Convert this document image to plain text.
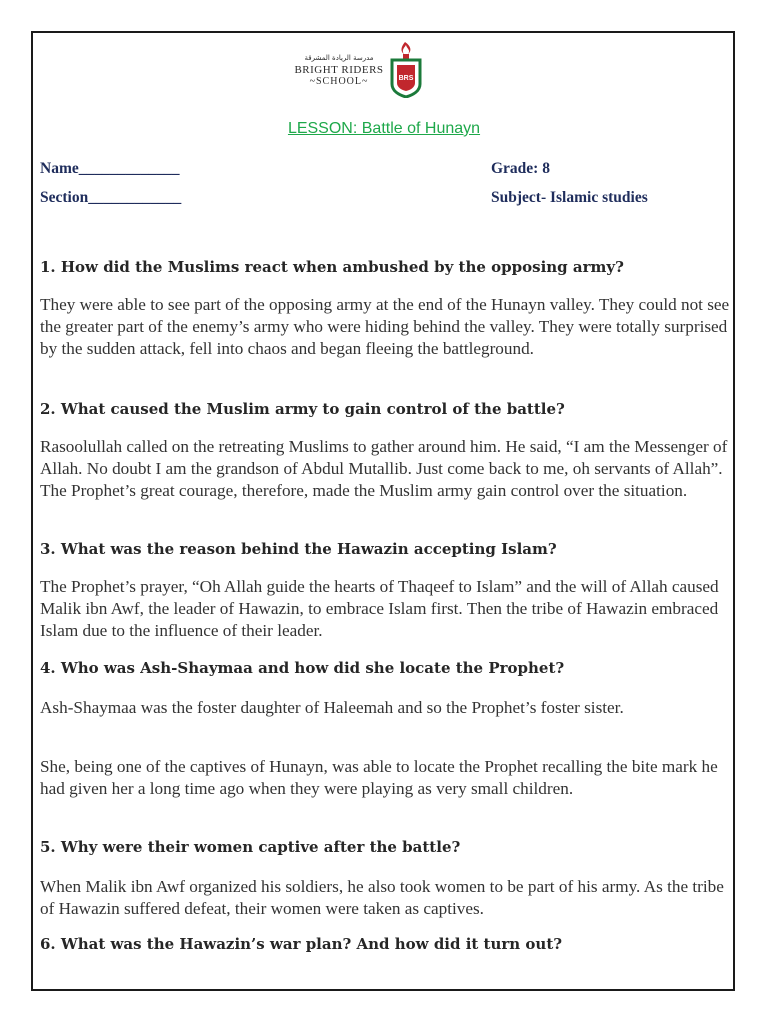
مدرسة الريادة المشرقة
BRIGHT RIDERS
~SCHOOL~	BRS
LESSON: Battle of Hunayn
Name_____________	Grade: 8
Section____________	Subject- Islamic studies
1. How did the Muslims react when ambushed by the opposing army?
They were able to see part of the opposing army at the end of the Hunayn valley. They could not see the greater part of the enemy’s army who were hiding behind the valley. They were totally surprised by the sudden attack, fell into chaos and began fleeing the battleground.
2. What caused the Muslim army to gain control of the battle?
Rasoolullah called on the retreating Muslims to gather around him. He said, “I am the Messenger of Allah. No doubt I am the grandson of Abdul Mutallib. Just come back to me, oh servants of Allah”. The Prophet’s great courage, therefore, made the Muslim army gain control over the situation.
3. What was the reason behind the Hawazin accepting Islam?
The Prophet’s prayer, “Oh Allah guide the hearts of Thaqeef to Islam” and the will of Allah caused Malik ibn Awf, the leader of Hawazin, to embrace Islam first. Then the tribe of Hawazin embraced Islam due to the influence of their leader.
4. Who was Ash-Shaymaa and how did she locate the Prophet?
Ash-Shaymaa was the foster daughter of Haleemah and so the Prophet’s foster sister.
She, being one of the captives of Hunayn, was able to locate the Prophet recalling the bite mark he had given her a long time ago when they were playing as very small children.
5. Why were their women captive after the battle?
When Malik ibn Awf organized his soldiers, he also took women to be part of his army. As the tribe of Hawazin suffered defeat, their women were taken as captives.
6. What was the Hawazin’s war plan? And how did it turn out?
